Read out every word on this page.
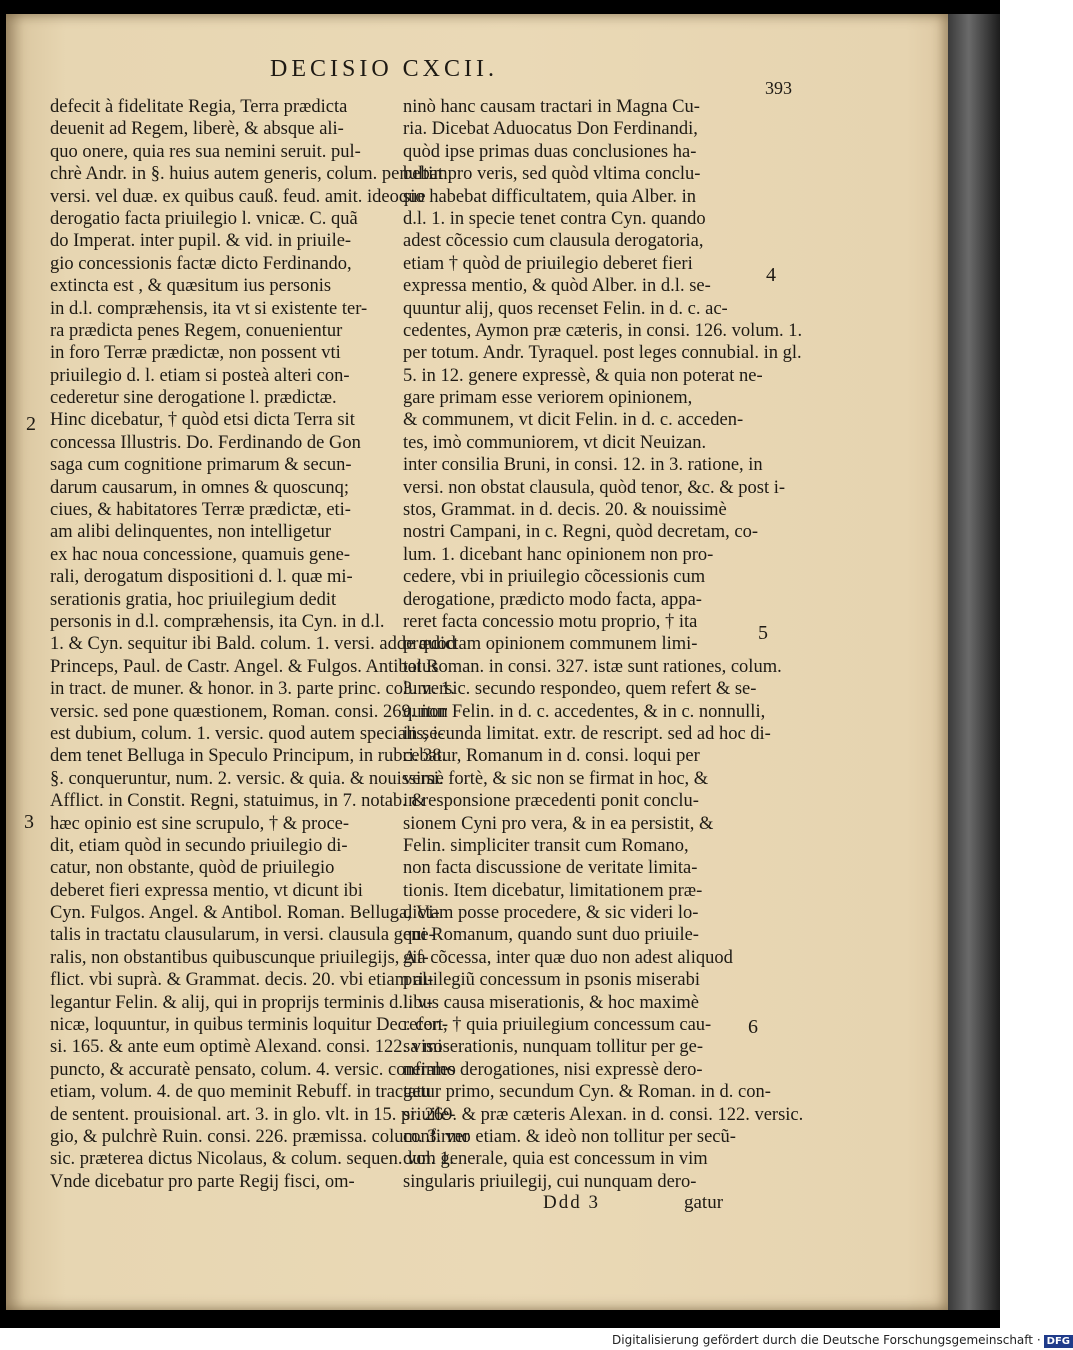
DECISIO CXCII.
393
defecit à fidelitate Regia, Terra prædicta
deuenit ad Regem, liberè, & absque ali-
quo onere, quia res sua nemini seruit. pul-
chrè Andr. in §. huius autem generis, colum. penultim.
versi. vel duæ. ex quibus cauß. feud. amit. ideoque
derogatio facta priuilegio l. vnicæ. C. quã
do Imperat. inter pupil. & vid. in priuile-
gio concessionis factæ dicto Ferdinando,
extincta est , & quæsitum ius personis
in d.l. compræhensis, ita vt si existente ter-
ra prædicta penes Regem, conuenientur
in foro Terræ prædictæ, non possent vti
priuilegio d. l. etiam si posteà alteri con-
cederetur sine derogatione l. prædictæ.
Hinc dicebatur, † quòd etsi dicta Terra sit
concessa Illustris. Do. Ferdinando de Gon
saga cum cognitione primarum & secun-
darum causarum, in omnes & quoscunq;
ciues, & habitatores Terræ prædictæ, eti-
am alibi delinquentes, non intelligetur
ex hac noua concessione, quamuis gene-
rali, derogatum dispositioni d. l. quæ mi-
serationis gratia, hoc priuilegium dedit
personis in d.l. compræhensis, ita Cyn. in d.l.
1. & Cyn. sequitur ibi Bald. colum. 1. versi. adde quod
Princeps, Paul. de Castr. Angel. & Fulgos. Antibolus
in tract. de muner. & honor. in 3. parte princ. colum. 1.
versic. sed pone quæstionem, Roman. consi. 269. non
est dubium, colum. 1. versic. quod autem specialis, i-
dem tenet Belluga in Speculo Principum, in rubri. 38.
§. conqueruntur, num. 2. versic. & quia. & nouissimè
Afflict. in Constit. Regni, statuimus, in 7. notab. &
hæc opinio est sine scrupulo, † & proce-
dit, etiam quòd in secundo priuilegio di-
catur, non obstante, quòd de priuilegio
deberet fieri expressa mentio, vt dicunt ibi
Cyn. Fulgos. Angel. & Antibol. Roman. Belluga, Vi-
talis in tractatu clausularum, in versi. clausula gene-
ralis, non obstantibus quibuscunque priuilegijs, Af-
flict. vbi suprà. & Grammat. decis. 20. vbi etiam al-
legantur Felin. & alij, qui in proprijs terminis d.l. v-
nicæ, loquuntur, in quibus terminis loquitur Dec. con-
si. 165. & ante eum optimè Alexand. consi. 122. viso
puncto, & accuratè pensato, colum. 4. versic. confirmo
etiam, volum. 4. de quo meminit Rebuff. in tractatu
de sentent. prouisional. art. 3. in glo. vlt. in 15. priuile-
gio, & pulchrè Ruin. consi. 226. præmissa. colum. 3. ver
sic. præterea dictus Nicolaus, & colum. sequen. vol. 1.
Vnde dicebatur pro parte Regij fisci, om-
ninò hanc causam tractari in Magna Cu-
ria. Dicebat Aduocatus Don Ferdinandi,
quòd ipse primas duas conclusiones ha-
bebat pro veris, sed quòd vltima conclu-
sio habebat difficultatem, quia Alber. in
d.l. 1. in specie tenet contra Cyn. quando
adest cõcessio cum clausula derogatoria,
etiam † quòd de priuilegio deberet fieri
expressa mentio, & quòd Alber. in d.l. se-
quuntur alij, quos recenset Felin. in d. c. ac-
cedentes, Aymon præ cæteris, in consi. 126. volum. 1.
per totum. Andr. Tyraquel. post leges connubial. in gl.
5. in 12. genere expressè, & quia non poterat ne-
gare primam esse veriorem opinionem,
& communem, vt dicit Felin. in d. c. acceden-
tes, imò communiorem, vt dicit Neuizan.
inter consilia Bruni, in consi. 12. in 3. ratione, in
versi. non obstat clausula, quòd tenor, &c. & post i-
stos, Grammat. in d. decis. 20. & nouissimè
nostri Campani, in c. Regni, quòd decretam, co-
lum. 1. dicebant hanc opinionem non pro-
cedere, vbi in priuilegio cõcessionis cum
derogatione, prædicto modo facta, appa-
reret facta concessio motu proprio, † ita
prædictam opinionem communem limi-
tat Roman. in consi. 327. istæ sunt rationes, colum.
3. versic. secundo respondeo, quem refert & se-
quitur Felin. in d. c. accedentes, & in c. nonnulli,
in secunda limitat. extr. de rescript. sed ad hoc di-
cebatur, Romanum in d. consi. loqui per
versi. fortè, & sic non se firmat in hoc, &
in responsione præcedenti ponit conclu-
sionem Cyni pro vera, & in ea persistit, &
Felin. simpliciter transit cum Romano,
non facta discussione de veritate limita-
tionis. Item dicebatur, limitationem præ-
dictam posse procedere, & sic videri lo-
qui Romanum, quando sunt duo priuile-
gia cõcessa, inter quæ duo non adest aliquod
priuilegiũ concessum in psonis miserabi
libus causa miserationis, & hoc maximè
refert, † quia priuilegium concessum cau-
sa miserationis, nunquam tollitur per ge-
nerales derogationes, nisi expressè dero-
getur primo, secundum Cyn. & Roman. in d. con-
si. 269. & præ cæteris Alexan. in d. consi. 122. versic.
confirmo etiam. & ideò non tollitur per secũ-
dum generale, quia est concessum in vim
singularis priuilegij, cui nunquam dero-
2
3
4
5
6
Ddd 3	gatur
Digitalisierung gefördert durch die Deutsche Forschungsgemeinschaft · DFG
